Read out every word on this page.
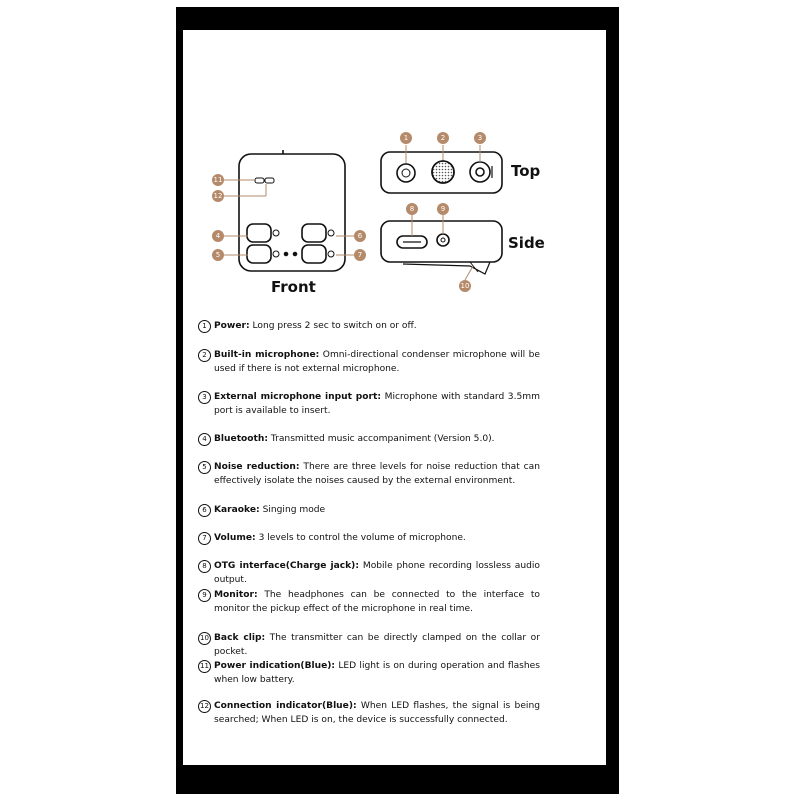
1	2	3
4
5
6
7
8	9
10
11
12
Front
Top
Side
1 Power: Long press 2 sec to switch on or off.
2 Built-in microphone: Omni-directional condenser microphone will be used if there is not external microphone.
3 External microphone input port: Microphone with standard 3.5mm port is available to insert.
4 Bluetooth: Transmitted music accompaniment (Version 5.0).
5 Noise reduction: There are three levels for noise reduction that can effectively isolate the noises caused by the external environment.
6 Karaoke: Singing mode
7 Volume: 3 levels to control the volume of microphone.
8 OTG interface(Charge jack): Mobile phone recording lossless audio output.
9 Monitor: The headphones can be connected to the interface to monitor the pickup effect of the microphone in real time.
10 Back clip: The transmitter can be directly clamped on the collar or pocket.
11 Power indication(Blue): LED light is on during operation and flashes when low battery.
12 Connection indicator(Blue): When LED flashes, the signal is being searched; When LED is on, the device is successfully connected.
